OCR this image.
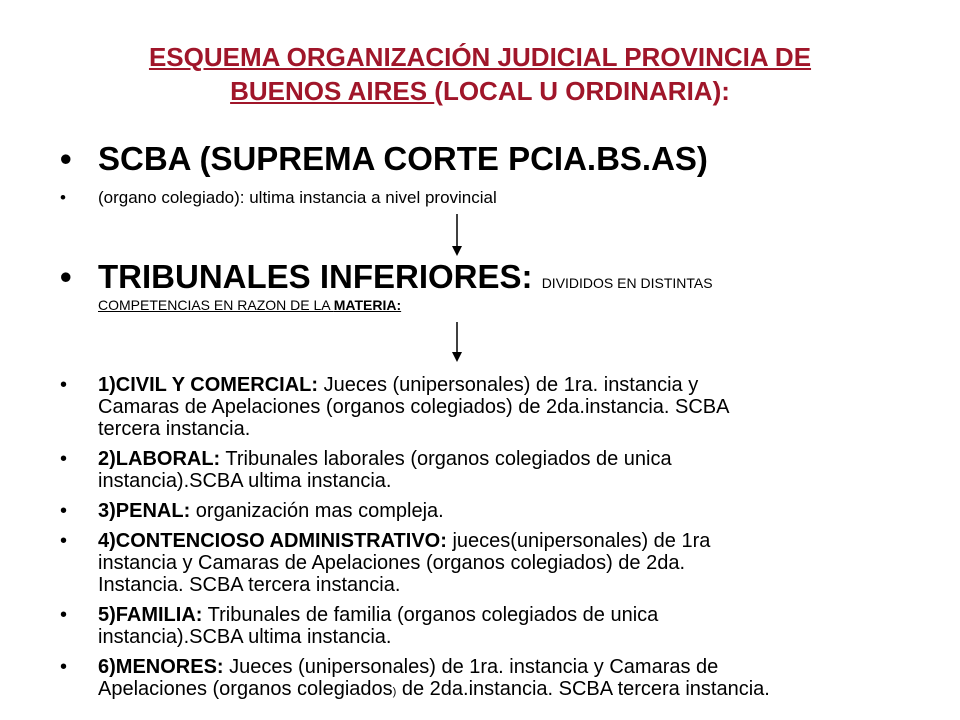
ESQUEMA ORGANIZACIÓN JUDICIAL PROVINCIA DE
BUENOS AIRES (LOCAL U ORDINARIA):
• SCBA (SUPREMA CORTE PCIA.BS.AS)
• (organo colegiado): ultima instancia a nivel provincial
• TRIBUNALES INFERIORES: DIVIDIDOS EN DISTINTAS
COMPETENCIAS EN RAZON DE LA MATERIA:
• 1)CIVIL Y COMERCIAL: Jueces (unipersonales) de 1ra. instancia y
Camaras de Apelaciones (organos colegiados) de 2da.instancia. SCBA
tercera instancia.
• 2)LABORAL: Tribunales laborales (organos colegiados de unica
instancia).SCBA ultima instancia.
• 3)PENAL: organización mas compleja.
• 4)CONTENCIOSO ADMINISTRATIVO: jueces(unipersonales) de 1ra
instancia y Camaras de Apelaciones (organos colegiados) de 2da.
Instancia. SCBA tercera instancia.
• 5)FAMILIA: Tribunales de familia (organos colegiados de unica
instancia).SCBA ultima instancia.
• 6)MENORES: Jueces (unipersonales) de 1ra. instancia y Camaras de
Apelaciones (organos colegiados) de 2da.instancia. SCBA tercera instancia.
